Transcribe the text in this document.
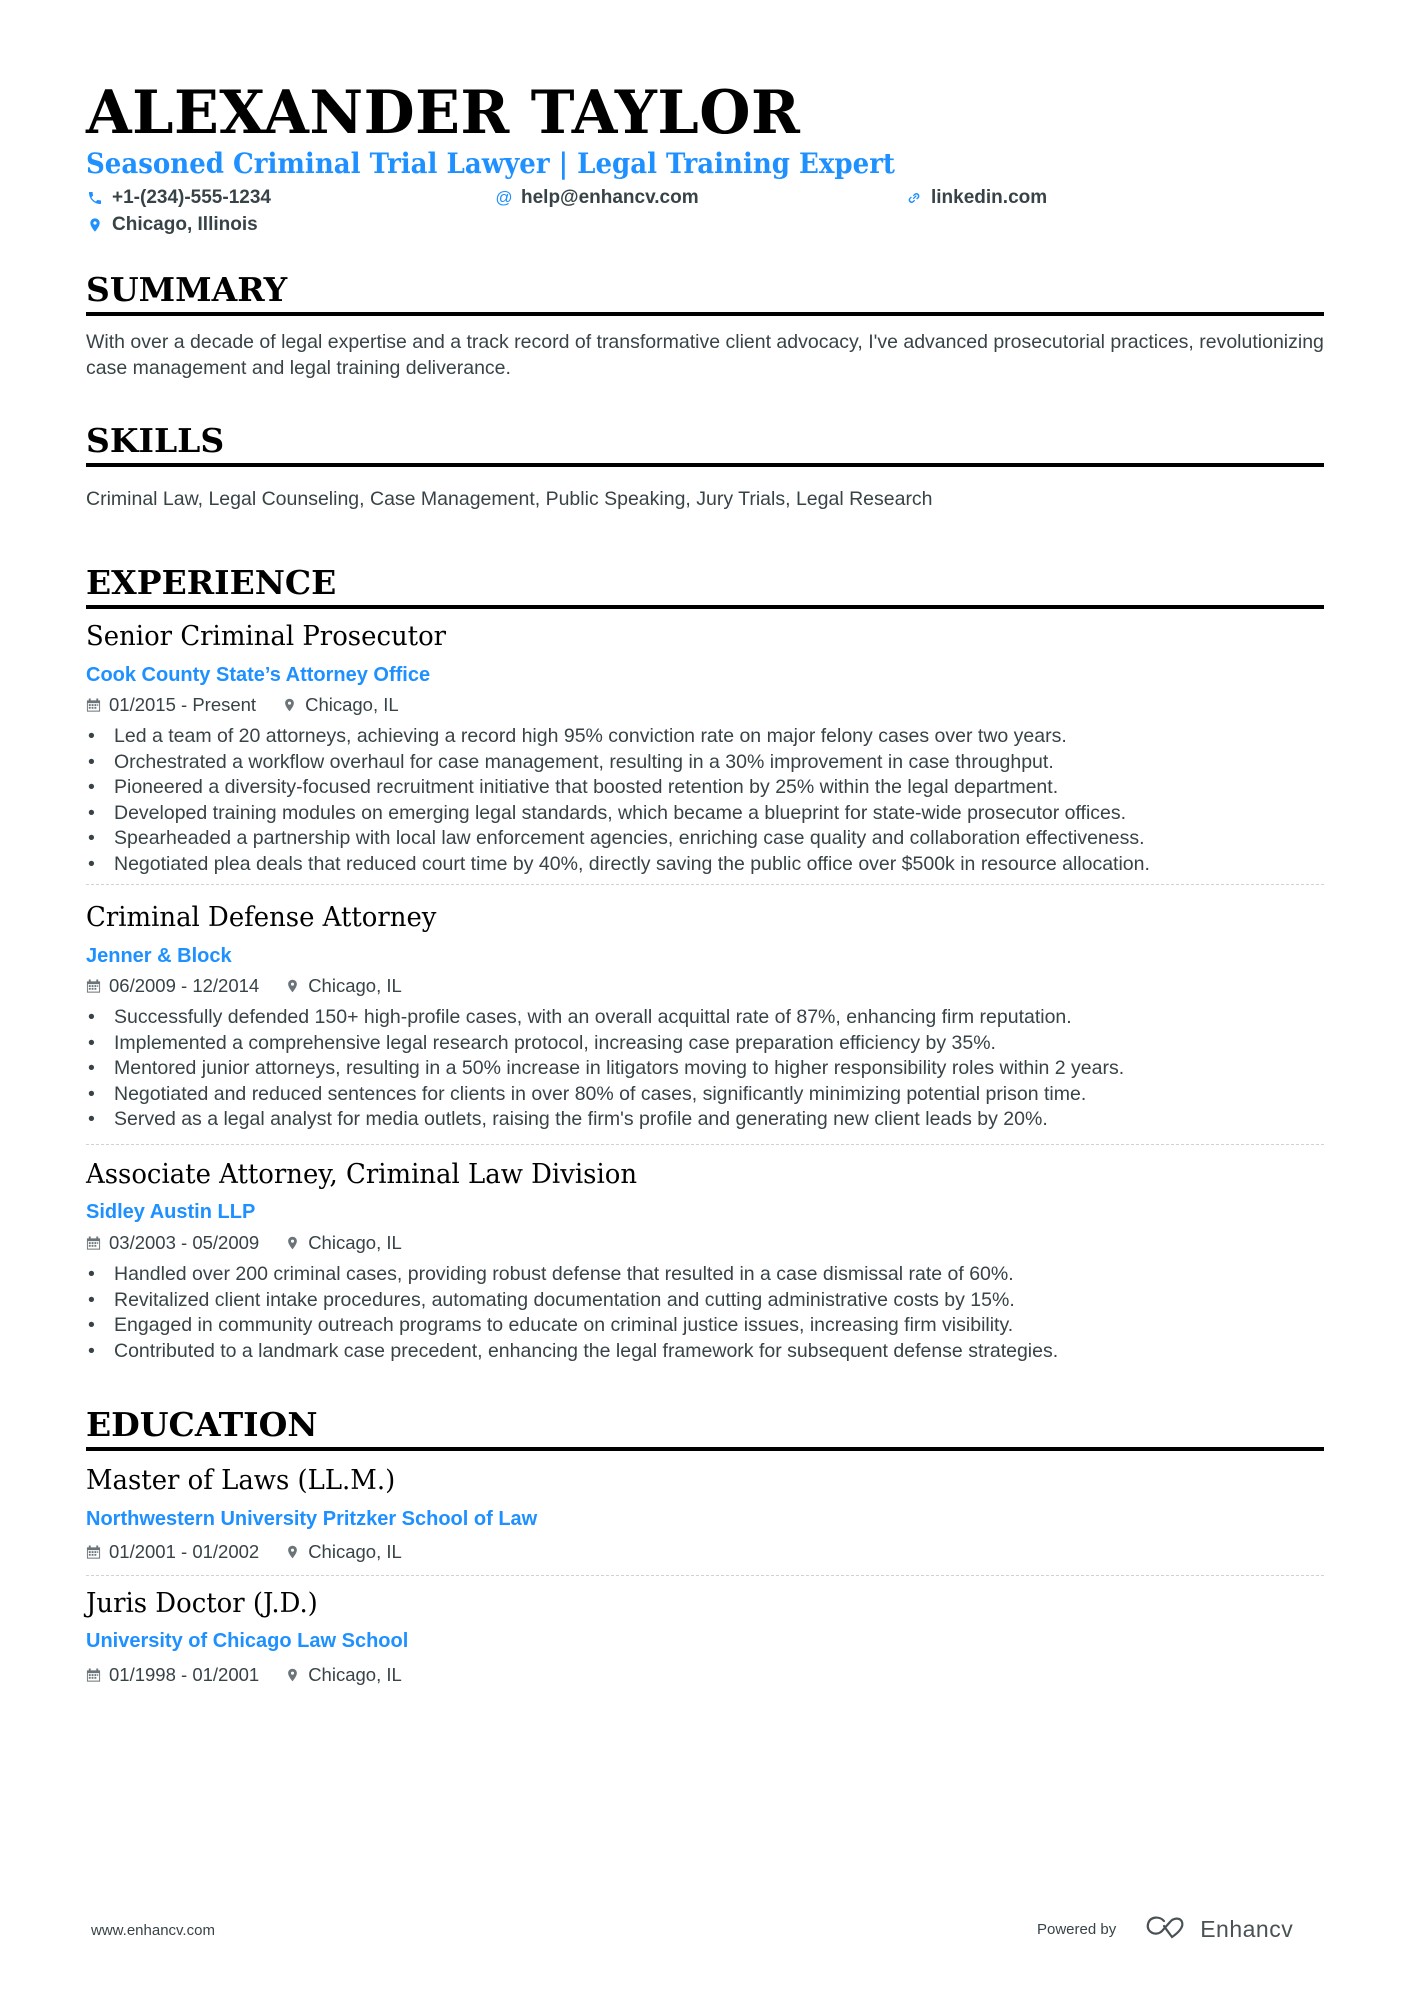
ALEXANDER TAYLOR
Seasoned Criminal Trial Lawyer | Legal Training Expert
+1-(234)-555-1234	@ help@enhancv.com	linkedin.com
Chicago, Illinois
SUMMARY
With over a decade of legal expertise and a track record of transformative client advocacy, I've advanced prosecutorial practices, revolutionizing case management and legal training deliverance.
SKILLS
Criminal Law, Legal Counseling, Case Management, Public Speaking, Jury Trials, Legal Research
EXPERIENCE
Senior Criminal Prosecutor
Cook County State’s Attorney Office
01/2015 - Present	Chicago, IL
• Led a team of 20 attorneys, achieving a record high 95% conviction rate on major felony cases over two years.
• Orchestrated a workflow overhaul for case management, resulting in a 30% improvement in case throughput.
• Pioneered a diversity-focused recruitment initiative that boosted retention by 25% within the legal department.
• Developed training modules on emerging legal standards, which became a blueprint for state-wide prosecutor offices.
• Spearheaded a partnership with local law enforcement agencies, enriching case quality and collaboration effectiveness.
• Negotiated plea deals that reduced court time by 40%, directly saving the public office over $500k in resource allocation.
Criminal Defense Attorney
Jenner & Block
06/2009 - 12/2014	Chicago, IL
• Successfully defended 150+ high-profile cases, with an overall acquittal rate of 87%, enhancing firm reputation.
• Implemented a comprehensive legal research protocol, increasing case preparation efficiency by 35%.
• Mentored junior attorneys, resulting in a 50% increase in litigators moving to higher responsibility roles within 2 years.
• Negotiated and reduced sentences for clients in over 80% of cases, significantly minimizing potential prison time.
• Served as a legal analyst for media outlets, raising the firm's profile and generating new client leads by 20%.
Associate Attorney, Criminal Law Division
Sidley Austin LLP
03/2003 - 05/2009	Chicago, IL
• Handled over 200 criminal cases, providing robust defense that resulted in a case dismissal rate of 60%.
• Revitalized client intake procedures, automating documentation and cutting administrative costs by 15%.
• Engaged in community outreach programs to educate on criminal justice issues, increasing firm visibility.
• Contributed to a landmark case precedent, enhancing the legal framework for subsequent defense strategies.
EDUCATION
Master of Laws (LL.M.)
Northwestern University Pritzker School of Law
01/2001 - 01/2002	Chicago, IL
Juris Doctor (J.D.)
University of Chicago Law School
01/1998 - 01/2001	Chicago, IL
www.enhancv.com	Powered by	Enhancv
